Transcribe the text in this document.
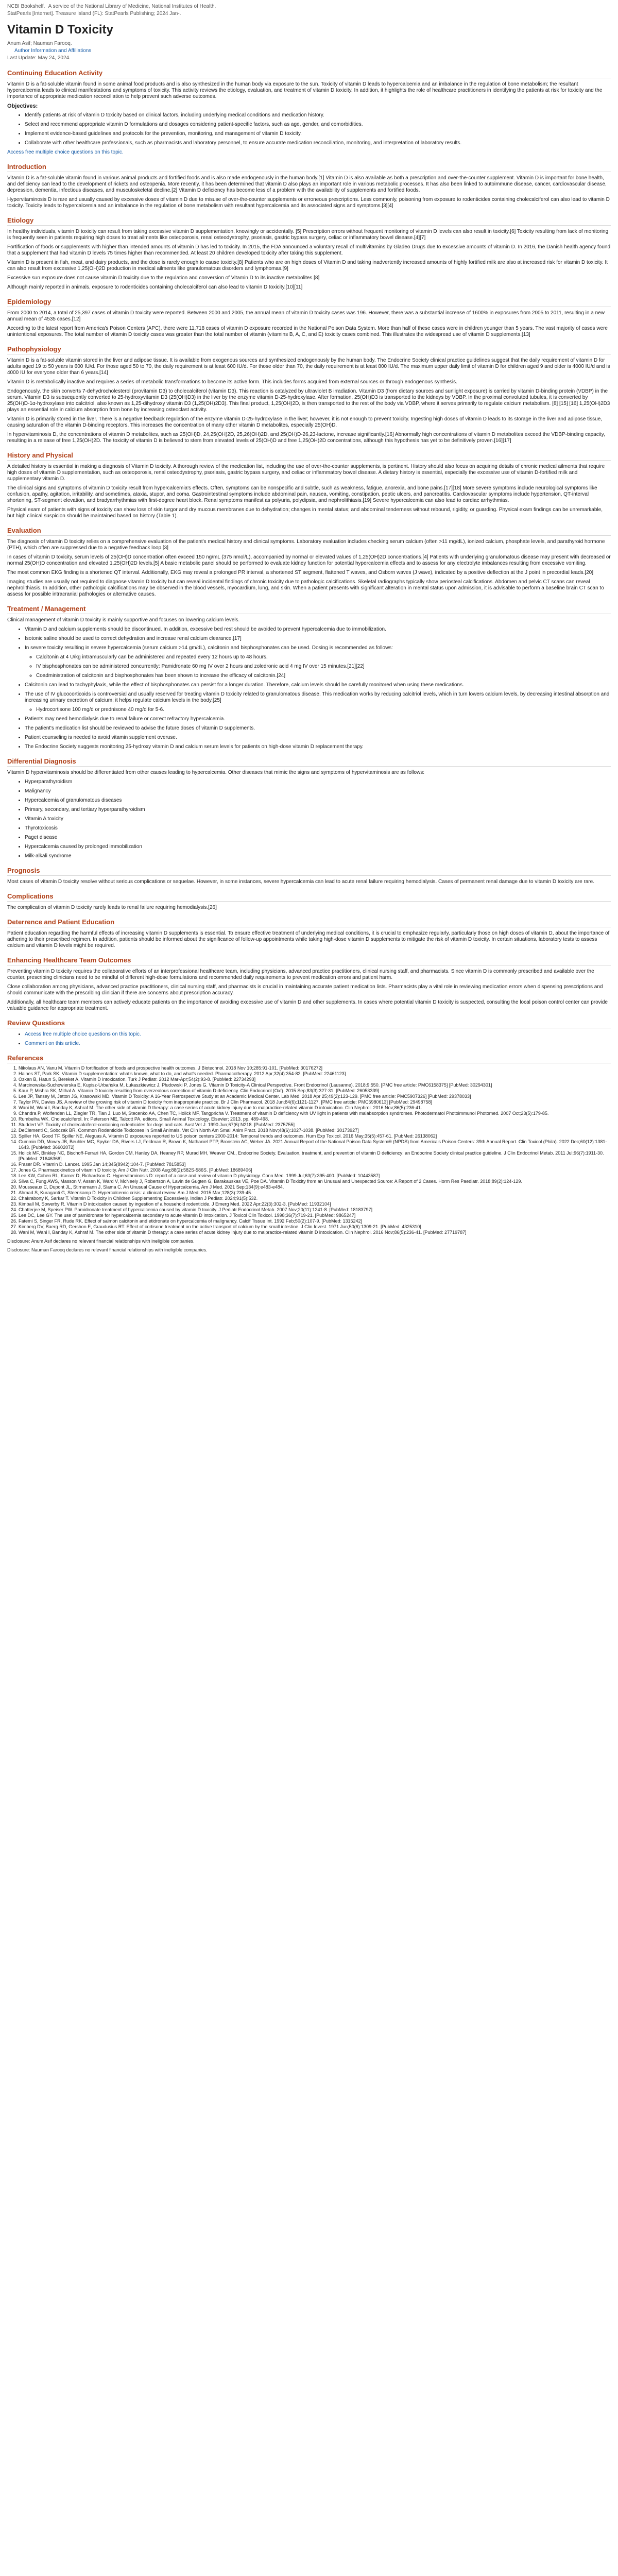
NCBI Bookshelf. A service of the National Library of Medicine, National Institutes of Health.
StatPearls [Internet]. Treasure Island (FL): StatPearls Publishing; 2024 Jan-.
Vitamin D Toxicity
Anum Asif; Nauman Farooq.
Author Information and Affiliations
Last Update: May 24, 2024.
Continuing Education Activity

Vitamin D is a fat-soluble vitamin found in some animal food products and is also synthesized in the human body via exposure to the sun. Toxicity of vitamin D leads to hypercalcemia and an imbalance in the regulation of bone metabolism; the resultant hypercalcemia leads to clinical manifestations and symptoms of toxicity. This activity reviews the etiology, evaluation, and treatment of vitamin D toxicity. In addition, it highlights the role of healthcare practitioners in identifying the patients at risk for toxicity and the importance of appropriate medication reconciliation to help prevent such adverse outcomes.

Objectives:
• Identify patients at risk of vitamin D toxicity based on clinical factors, including underlying medical conditions and medication history.
• Select and recommend appropriate vitamin D formulations and dosages considering patient-specific factors, such as age, gender, and comorbidities.
• Implement evidence-based guidelines and protocols for the prevention, monitoring, and management of vitamin D toxicity.
• Collaborate with other healthcare professionals, such as pharmacists and laboratory personnel, to ensure accurate medication reconciliation, monitoring, and interpretation of laboratory results.

Access free multiple choice questions on this topic.

Introduction

Vitamin D is a fat-soluble vitamin found in various animal products and fortified foods and is also made endogenously in the human body.[1] Vitamin D is also available as both a prescription and over-the-counter supplement. Vitamin D is important for bone health, and deficiency can lead to the development of rickets and osteopenia. More recently, it has been determined that vitamin D also plays an important role in various metabolic processes. It has also been linked to autoimmune disease, cancer, cardiovascular disease, depression, dementia, infectious diseases, and musculoskeletal decline.[2] Vitamin D deficiency has become less of a problem with the availability of supplements and fortified foods.

Hypervitaminosis D is rare and usually caused by excessive doses of vitamin D due to misuse of over-the-counter supplements or erroneous prescriptions. Less commonly, poisoning from exposure to rodenticides containing cholecalciferol can also lead to vitamin D toxicity. Toxicity leads to hypercalcemia and an imbalance in the regulation of bone metabolism with resultant hypercalcemia and its associated signs and symptoms.[3][4]

Etiology

In healthy individuals, vitamin D toxicity can result from taking excessive vitamin D supplementation, knowingly or accidentally. [5] Prescription errors without frequent monitoring of vitamin D levels can also result in toxicity.[6] Toxicity resulting from lack of monitoring is frequently seen in patients requiring high doses to treat ailments like osteoporosis, renal osteodystrophy, psoriasis, gastric bypass surgery, celiac or inflammatory bowel disease.[4][7]

Fortification of foods or supplements with higher than intended amounts of vitamin D has led to toxicity. In 2015, the FDA announced a voluntary recall of multivitamins by Gladeo Drugs due to excessive amounts of vitamin D. In 2016, the Danish health agency found that a supplement that had vitamin D levels 75 times higher than recommended. At least 20 children developed toxicity after taking this supplement.

Vitamin D is present in fish, meat, and dairy products, and the dose is rarely enough to cause toxicity.[8] Patients who are on high doses of Vitamin D and taking inadvertently increased amounts of highly fortified milk are also at increased risk for vitamin D toxicity. It can also result from excessive 1,25(OH)2D production in medical ailments like granulomatous disorders and lymphomas.[9]

Excessive sun exposure does not cause vitamin D toxicity due to the regulation and conversion of Vitamin D to its inactive metabolites.[8]

Although mainly reported in animals, exposure to rodenticides containing cholecalciferol can also lead to vitamin D toxicity.[10][11]

Epidemiology

From 2000 to 2014, a total of 25,397 cases of vitamin D toxicity were reported. Between 2000 and 2005, the annual mean of vitamin D toxicity cases was 196. However, there was a substantial increase of 1600% in exposures from 2005 to 2011, resulting in a new annual mean of 4535 cases.[12]

According to the latest report from America's Poison Centers (APC), there were 11,718 cases of vitamin D exposure recorded in the National Poison Data System. More than half of these cases were in children younger than 5 years. The vast majority of cases were unintentional exposures. The total number of vitamin D toxicity cases was greater than the total number of vitamin (vitamins B, A, C, and E) toxicity cases combined. This illustrates the widespread use of vitamin D supplements.[13]

Pathophysiology

Vitamin D is a fat-soluble vitamin stored in the liver and adipose tissue. It is available from exogenous sources and synthesized endogenously by the human body. The Endocrine Society clinical practice guidelines suggest that the daily requirement of vitamin D for adults aged 19 to 50 years is 600 IU/d. For those aged 50 to 70, the daily requirement is at least 600 IU/d. For those older than 70, the daily requirement is at least 800 IU/d. The maximum upper daily limit of vitamin D for children aged 9 and older is 4000 IU/d and is 4000 IU for everyone older than 6 years.[14]

Vitamin D is metabolically inactive and requires a series of metabolic transformations to become its active form. This includes forms acquired from external sources or through endogenous synthesis.

Endogenously, the skin converts 7-dehydrocholesterol (provitamin D3) to cholecalciferol (vitamin D3). This reaction is catalyzed by ultraviolet B irradiation. Vitamin D3 (from dietary sources and sunlight exposure) is carried by vitamin D-binding protein (VDBP) in the serum. Vitamin D3 is subsequently converted to 25-hydroxyvitamin D3 (25(OH)D3) in the liver by the enzyme vitamin D-25-hydroxylase. After formation, 25(OH)D3 is transported to the kidneys by VDBP. In the proximal convoluted tubules, it is converted by 25(OH)D-1α-hydroxylase into calcitriol, also known as 1,25-dihydroxy vitamin D3 (1,25(OH)2D3). This final product, 1,25(OH)2D, is then transported to the rest of the body via VDBP, where it serves primarily to regulate calcium metabolism. [8] [15] [16] 1,25(OH)2D3 plays an essential role in calcium absorption from bone by increasing osteoclast activity.

Vitamin D is primarily stored in the liver. There is a negative feedback regulation of the enzyme vitamin D-25-hydroxylase in the liver; however, it is not enough to prevent toxicity. Ingesting high doses of vitamin D leads to its storage in the liver and adipose tissue, causing saturation of the vitamin D-binding receptors. This increases the concentration of many other vitamin D metabolites, especially 25(OH)D.

In hypervitaminosis D, the concentrations of vitamin D metabolites, such as 25(OH)D, 24,25(OH)2D, 25,26(OH)2D, and 25(OH)D-26,23-lactone, increase significantly.[16] Abnormally high concentrations of vitamin D metabolites exceed the VDBP-binding capacity, resulting in a release of free 1,25(OH)2D. The toxicity of vitamin D is believed to stem from elevated levels of 25(OH)D and free 1,25(OH)2D concentrations, although this hypothesis has yet to be definitively proven.[16][17]

History and Physical

A detailed history is essential in making a diagnosis of Vitamin D toxicity. A thorough review of the medication list, including the use of over-the-counter supplements, is pertinent. History should also focus on acquiring details of chronic medical ailments that require high doses of vitamin D supplementation, such as osteoporosis, renal osteodystrophy, psoriasis, gastric bypass surgery, and celiac or inflammatory bowel disease. A dietary history is essential, especially the excessive use of vitamin D-fortified milk and supplementary vitamin D.

The clinical signs and symptoms of vitamin D toxicity result from hypercalcemia's effects. Often, symptoms can be nonspecific and subtle, such as weakness, fatigue, anorexia, and bone pains.[17][18] More severe symptoms include neurological symptoms like confusion, apathy, agitation, irritability, and sometimes, ataxia, stupor, and coma. Gastrointestinal symptoms include abdominal pain, nausea, vomiting, constipation, peptic ulcers, and pancreatitis. Cardiovascular symptoms include hypertension, QT-interval shortening, ST-segment elevation, and bradyarrhythmias with first-degree heart block. Renal symptoms manifest as polyuria, polydipsia, and nephrolithiasis.[19] Severe hypercalcemia can also lead to cardiac arrhythmias.

Physical exam of patients with signs of toxicity can show loss of skin turgor and dry mucous membranes due to dehydration; changes in mental status; and abdominal tenderness without rebound, rigidity, or guarding. Physical exam findings can be unremarkable, but high clinical suspicion should be maintained based on history (Table 1).

Evaluation

The diagnosis of vitamin D toxicity relies on a comprehensive evaluation of the patient's medical history and clinical symptoms. Laboratory evaluation includes checking serum calcium (often >11 mg/dL), ionized calcium, phosphate levels, and parathyroid hormone (PTH), which often are suppressed due to a negative feedback loop.[3]

In cases of vitamin D toxicity, serum levels of 25(OH)D concentration often exceed 150 ng/mL (375 nmol/L), accompanied by normal or elevated values of 1,25(OH)2D concentrations.[4] Patients with underlying granulomatous disease may present with decreased or normal 25(OH)D concentration and elevated 1,25(OH)2D levels.[5] A basic metabolic panel should be performed to evaluate kidney function for potential hypercalcemia effects and to assess for any electrolyte imbalances resulting from excessive vomiting.

The most common EKG finding is a shortened QT interval. Additionally, EKG may reveal a prolonged PR interval, a shortened ST segment, flattened T waves, and Osborn waves (J wave), indicated by a positive deflection at the J point in precordial leads.[20]

Imaging studies are usually not required to diagnose vitamin D toxicity but can reveal incidental findings of chronic toxicity due to pathologic calcifications. Skeletal radiographs typically show periosteal calcifications. Abdomen and pelvic CT scans can reveal nephrolithiasis. In addition, other pathologic calcifications may be observed in the blood vessels, myocardium, lung, and skin. When a patient presents with significant alteration in mental status upon admission, it is advisable to perform a baseline brain CT scan to assess for possible intracranial pathologies or alternative causes.

Treatment / Management

Clinical management of vitamin D toxicity is mainly supportive and focuses on lowering calcium levels.

• Vitamin D and calcium supplements should be discontinued. In addition, excessive bed rest should be avoided to prevent hypercalcemia due to immobilization.
• Isotonic saline should be used to correct dehydration and increase renal calcium clearance.[17]
• In severe toxicity resulting in severe hypercalcemia (serum calcium >14 gm/dL), calcitonin and bisphosphonates can be used. Dosing is recommended as follows:
◦ Calcitonin at 4 U/kg intramuscularly can be administered and repeated every 12 hours up to 48 hours.
◦ IV bisphosphonates can be administered concurrently: Pamidronate 60 mg IV over 2 hours and zoledronic acid 4 mg IV over 15 minutes.[21][22]
◦ Coadministration of calcitonin and bisphosphonates has been shown to increase the efficacy of calcitonin.[24]
• Calcitonin can lead to tachyphylaxis, while the effect of bisphosphonates can persist for a longer duration. Therefore, calcium levels should be carefully monitored when using these medications.
• The use of IV glucocorticoids is controversial and usually reserved for treating vitamin D toxicity related to granulomatous disease. This medication works by reducing calcitriol levels, which in turn lowers calcium levels, by decreasing intestinal absorption and increasing urinary excretion of calcium; it helps regulate calcium levels in the body.[25]
◦ Hydrocortisone 100 mg/d or prednisone 40 mg/d for 5-6.
• Patients may need hemodialysis due to renal failure or correct refractory hypercalcemia.
• The patient's medication list should be reviewed to advise the future doses of vitamin D supplements.
• Patient counseling is needed to avoid vitamin supplement overuse.
• The Endocrine Society suggests monitoring 25-hydroxy vitamin D and calcium serum levels for patients on high-dose vitamin D replacement therapy.
Differential Diagnosis

Vitamin D hypervitaminosis should be differentiated from other causes leading to hypercalcemia. Other diseases that mimic the signs and symptoms of hypervitaminosis are as follows:

• Hyperparathyroidism
• Malignancy
• Hypercalcemia of granulomatous diseases
• Primary, secondary, and tertiary hyperparathyroidism
• Vitamin A toxicity
• Thyrotoxicosis
• Paget disease
• Hypercalcemia caused by prolonged immobilization
• Milk-alkali syndrome
Prognosis

Most cases of vitamin D toxicity resolve without serious complications or sequelae. However, in some instances, severe hypercalcemia can lead to acute renal failure requiring hemodialysis. Cases of permanent renal damage due to vitamin D toxicity are rare.

Complications

The complication of vitamin D toxicity rarely leads to renal failure requiring hemodialysis.[26]

Deterrence and Patient Education

Patient education regarding the harmful effects of increasing vitamin D supplements is essential. To ensure effective treatment of underlying medical conditions, it is crucial to emphasize regularly, particularly those on high doses of vitamin D, about the importance of adhering to their prescribed regimen. In addition, patients should be informed about the significance of follow-up appointments while taking high-dose vitamin D supplements to mitigate the risk of vitamin D toxicity. In certain situations, laboratory tests to assess calcium and vitamin D levels might be required.

Enhancing Healthcare Team Outcomes

Preventing vitamin D toxicity requires the collaborative efforts of an interprofessional healthcare team, including physicians, advanced practice practitioners, clinical nursing staff, and pharmacists. Since vitamin D is commonly prescribed and available over the counter, prescribing clinicians need to be mindful of different high-dose formulations and recommended daily requirements to prevent medication errors and patient harm.

Close collaboration among physicians, advanced practice practitioners, clinical nursing staff, and pharmacists is crucial in maintaining accurate patient medication lists. Pharmacists play a vital role in reviewing medication errors when dispensing prescriptions and should communicate with the prescribing clinician if there are concerns about prescription accuracy.

Additionally, all healthcare team members can actively educate patients on the importance of avoiding excessive use of vitamin D and other supplements. In cases where potential vitamin D toxicity is suspected, consulting the local poison control center can provide valuable guidance for appropriate treatment.

Review Questions
• Access free multiple choice questions on this topic.
• Comment on this article.
References
1. Nikolaus AN, Vanu M. Vitamin D fortification of foods and prospective health outcomes. J Biotechnol. 2018 Nov 10;285:91-101. [PubMed: 30176272]
2. Haines ST, Park SK. Vitamin D supplementation: what's known, what to do, and what's needed. Pharmacotherapy. 2012 Apr;32(4):354-82. [PubMed: 22461123]
3. Ozkan B, Hatun S, Bereket A. Vitamin D intoxication. Turk J Pediatr. 2012 Mar-Apr;54(2):93-8. [PubMed: 22734293]
4. Marcinowska-Suchowierska E, Kupisz-Urbańska M, Łukaszkiewicz J, Płudowski P, Jones G. Vitamin D Toxicity-A Clinical Perspective. Front Endocrinol (Lausanne). 2018;9:550. [PMC free article: PMC6158375] [PubMed: 30294301]
5. Kaur P, Mishra SK, Mithal A. Vitamin D toxicity resulting from overzealous correction of vitamin D deficiency. Clin Endocrinol (Oxf). 2015 Sep;83(3):327-31. [PubMed: 26053339]
6. Lee JP, Tansey M, Jetton JG, Krasowski MD. Vitamin D Toxicity: A 16-Year Retrospective Study at an Academic Medical Center. Lab Med. 2018 Apr 25;49(2):123-129. [PMC free article: PMC5907326] [PubMed: 29378033]
7. Taylor PN, Davies JS. A review of the growing risk of vitamin D toxicity from inappropriate practice. Br J Clin Pharmacol. 2018 Jun;84(6):1121-1127. [PMC free article: PMC5980613] [PubMed: 29498758]
8. Wani M, Wani I, Banday K, Ashraf M. The other side of vitamin D therapy: a case series of acute kidney injury due to malpractice-related vitamin D intoxication. Clin Nephrol. 2016 Nov;86(5):236-41.
9. Chandra P, Wolfenden LL, Ziegler TR, Tian J, Luo M, Stecenko AA, Chen TC, Holick MF, Tangpricha V. Treatment of vitamin D deficiency with UV light in patients with malabsorption syndromes. Photodermatol Photoimmunol Photomed. 2007 Oct;23(5):179-85.
10. Rumbeiha WK. Cholecalciferol. In: Peterson ME, Talcott PA, editors. Small Animal Toxicology. Elsevier; 2013. pp. 489-498.
11. Studdert VP. Toxicity of cholecalciferol-containing rodenticides for dogs and cats. Aust Vet J. 1990 Jun;67(6):N218. [PubMed: 2375755]
12. DeClementi C, Sobczak BR. Common Rodenticide Toxicoses in Small Animals. Vet Clin North Am Small Anim Pract. 2018 Nov;48(6):1027-1038. [PubMed: 30173927]
13. Spiller HA, Good TF, Spiller NE, Aleguas A. Vitamin D exposures reported to US poison centers 2000-2014: Temporal trends and outcomes. Hum Exp Toxicol. 2016 May;35(5):457-61. [PubMed: 26138062]
14. Gummin DD, Mowry JB, Beuhler MC, Spyker DA, Rivers LJ, Feldman R, Brown K, Nathaniel PTP, Bronstein AC, Weber JA. 2021 Annual Report of the National Poison Data System® (NPDS) from America's Poison Centers: 39th Annual Report. Clin Toxicol (Phila). 2022 Dec;60(12):1381-1643. [PubMed: 36602072]
15. Holick MF, Binkley NC, Bischoff-Ferrari HA, Gordon CM, Hanley DA, Heaney RP, Murad MH, Weaver CM., Endocrine Society. Evaluation, treatment, and prevention of vitamin D deficiency: an Endocrine Society clinical practice guideline. J Clin Endocrinol Metab. 2011 Jul;96(7):1911-30. [PubMed: 21646368]
16. Fraser DR. Vitamin D. Lancet. 1995 Jan 14;345(8942):104-7. [PubMed: 7815853]
17. Jones G. Pharmacokinetics of vitamin D toxicity. Am J Clin Nutr. 2008 Aug;88(2):582S-586S. [PubMed: 18689406]
18. Lee KW, Cohen RL, Karner D, Richardson C. Hypervitaminosis D: report of a case and review of vitamin D physiology. Conn Med. 1999 Jul;63(7):395-400. [PubMed: 10443587]
19. Silva C, Fung AWS, Masson V, Assen K, Ward V, McNeely J, Robertson A, Lavin de Gugten G, Barakauskas VE, Poe DA. Vitamin D Toxicity from an Unusual and Unexpected Source: A Report of 2 Cases. Horm Res Paediatr. 2018;89(2):124-129.
20. Mousseaux C, Dupont JL, Stirnemann J, Slama C. An Unusual Cause of Hypercalcemia. Am J Med. 2021 Sep;134(9):e483-e484.
21. Ahmad S, Kuraganti G, Steenkamp D. Hypercalcemic crisis: a clinical review. Am J Med. 2015 Mar;128(3):239-45.
22. Chakraborty K, Sarkar T. Vitamin D Toxicity in Children Supplementing Excessively. Indian J Pediatr. 2024;91(5):532.
23. Kimball M, Sowerby R. Vitamin D intoxication caused by ingestion of a household rodenticide. J Emerg Med. 2022 Apr;22(3):302-3. [PubMed: 11932104]
24. Chatterjee M, Speiser PW. Pamidronate treatment of hypercalcemia caused by vitamin D toxicity. J Pediatr Endocrinol Metab. 2007 Nov;20(11):1241-8. [PubMed: 18183797]
25. Lee DC, Lee GY. The use of pamidronate for hypercalcemia secondary to acute vitamin D intoxication. J Toxicol Clin Toxicol. 1998;36(7):719-21. [PubMed: 9865247]
26. Fatemi S, Singer FR, Rude RK. Effect of salmon calcitonin and etidronate on hypercalcemia of malignancy. Calcif Tissue Int. 1992 Feb;50(2):107-9. [PubMed: 1315242]
27. Kimberg DV, Baerg RD, Gershon E, Graudusius RT. Effect of cortisone treatment on the active transport of calcium by the small intestine. J Clin Invest. 1971 Jun;50(6):1309-21. [PubMed: 4325310]
28. Wani M, Wani I, Banday K, Ashraf M. The other side of vitamin D therapy: a case series of acute kidney injury due to malpractice-related vitamin D intoxication. Clin Nephrol. 2016 Nov;86(5):236-41. [PubMed: 27719787]

Disclosure: Anum Asif declares no relevant financial relationships with ineligible companies.

Disclosure: Nauman Farooq declares no relevant financial relationships with ineligible companies.
